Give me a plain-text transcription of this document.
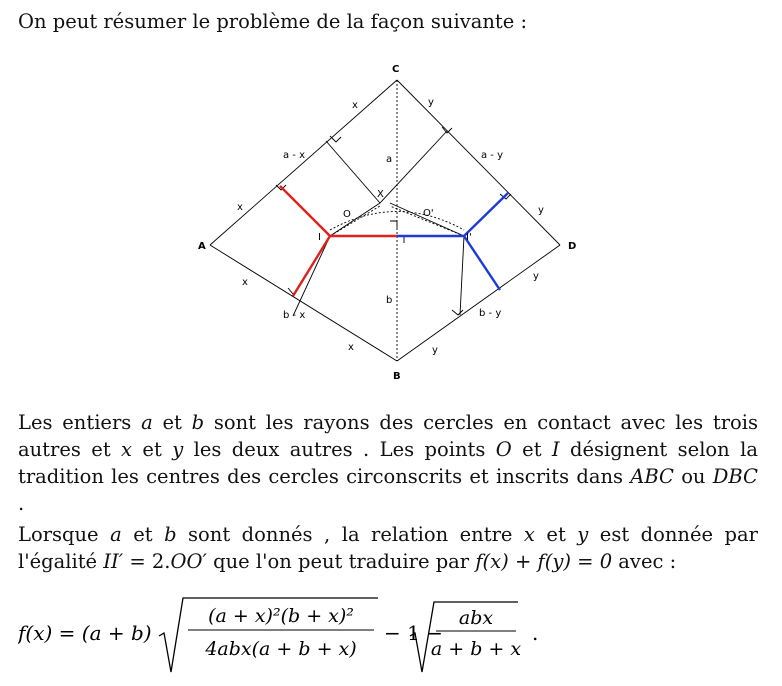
On peut résumer le problème de la façon suivante :

C
A	D
B
X
O	O'
I	I'
x	y
a - x	a - y
a
x	y
x
y
b
b - x	b - y
x	y

Les entiers a et b sont les rayons des cercles en contact avec les trois autres et x et y les deux autres . Les points O et I désignent selon la tradition les centres des cercles circonscrits et inscrits dans ABC ou DBC .

Lorsque a et b sont donnés , la relation entre x et y est donnée par l'égalité II′ = 2.OO′ que l'on peut traduire par f(x) + f(y) = 0 avec :

f(x) = (a + b)
(a + x)²(b + x)²
4abx(a + b + x)
− 1 −
abx
a + b + x
.
